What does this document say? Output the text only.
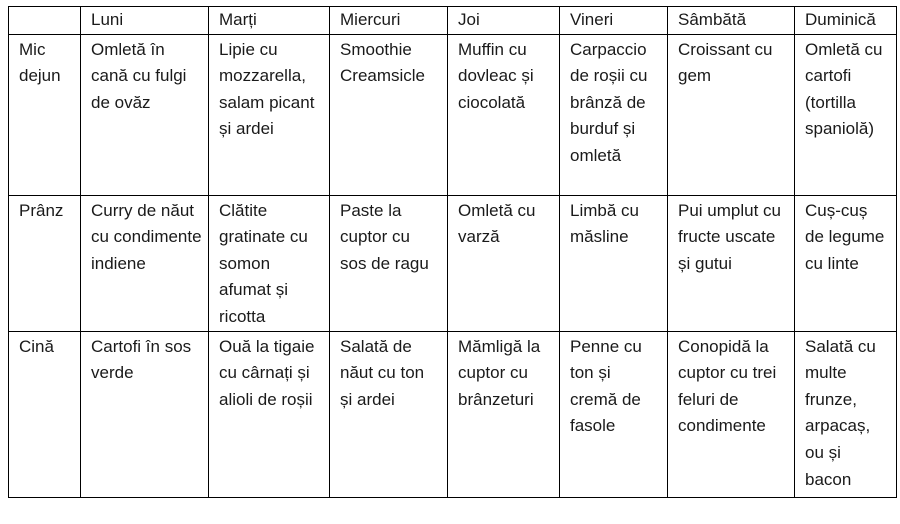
	Luni	Marți	Miercuri	Joi	Vineri	Sâmbătă	Duminică
Mic dejun	Omletă în cană cu fulgi de ovăz	Lipie cu mozzarella, salam picant și ardei	Smoothie Creamsicle	Muffin cu dovleac și ciocolată	Carpaccio de roșii cu brânză de burduf și omletă	Croissant cu gem	Omletă cu cartofi (tortilla spaniolă)
Prânz	Curry de năut cu condimente indiene	Clătite gratinate cu somon afumat și ricotta	Paste la cuptor cu sos de ragu	Omletă cu varză	Limbă cu măsline	Pui umplut cu fructe uscate și gutui	Cuș-cuș de legume cu linte
Cină	Cartofi în sos verde	Ouă la tigaie cu cârnați și alioli de roșii	Salată de năut cu ton și ardei	Mămligă la cuptor cu brânzeturi	Penne cu ton și cremă de fasole	Conopidă la cuptor cu trei feluri de condimente	Salată cu multe frunze, arpacaș, ou și bacon
